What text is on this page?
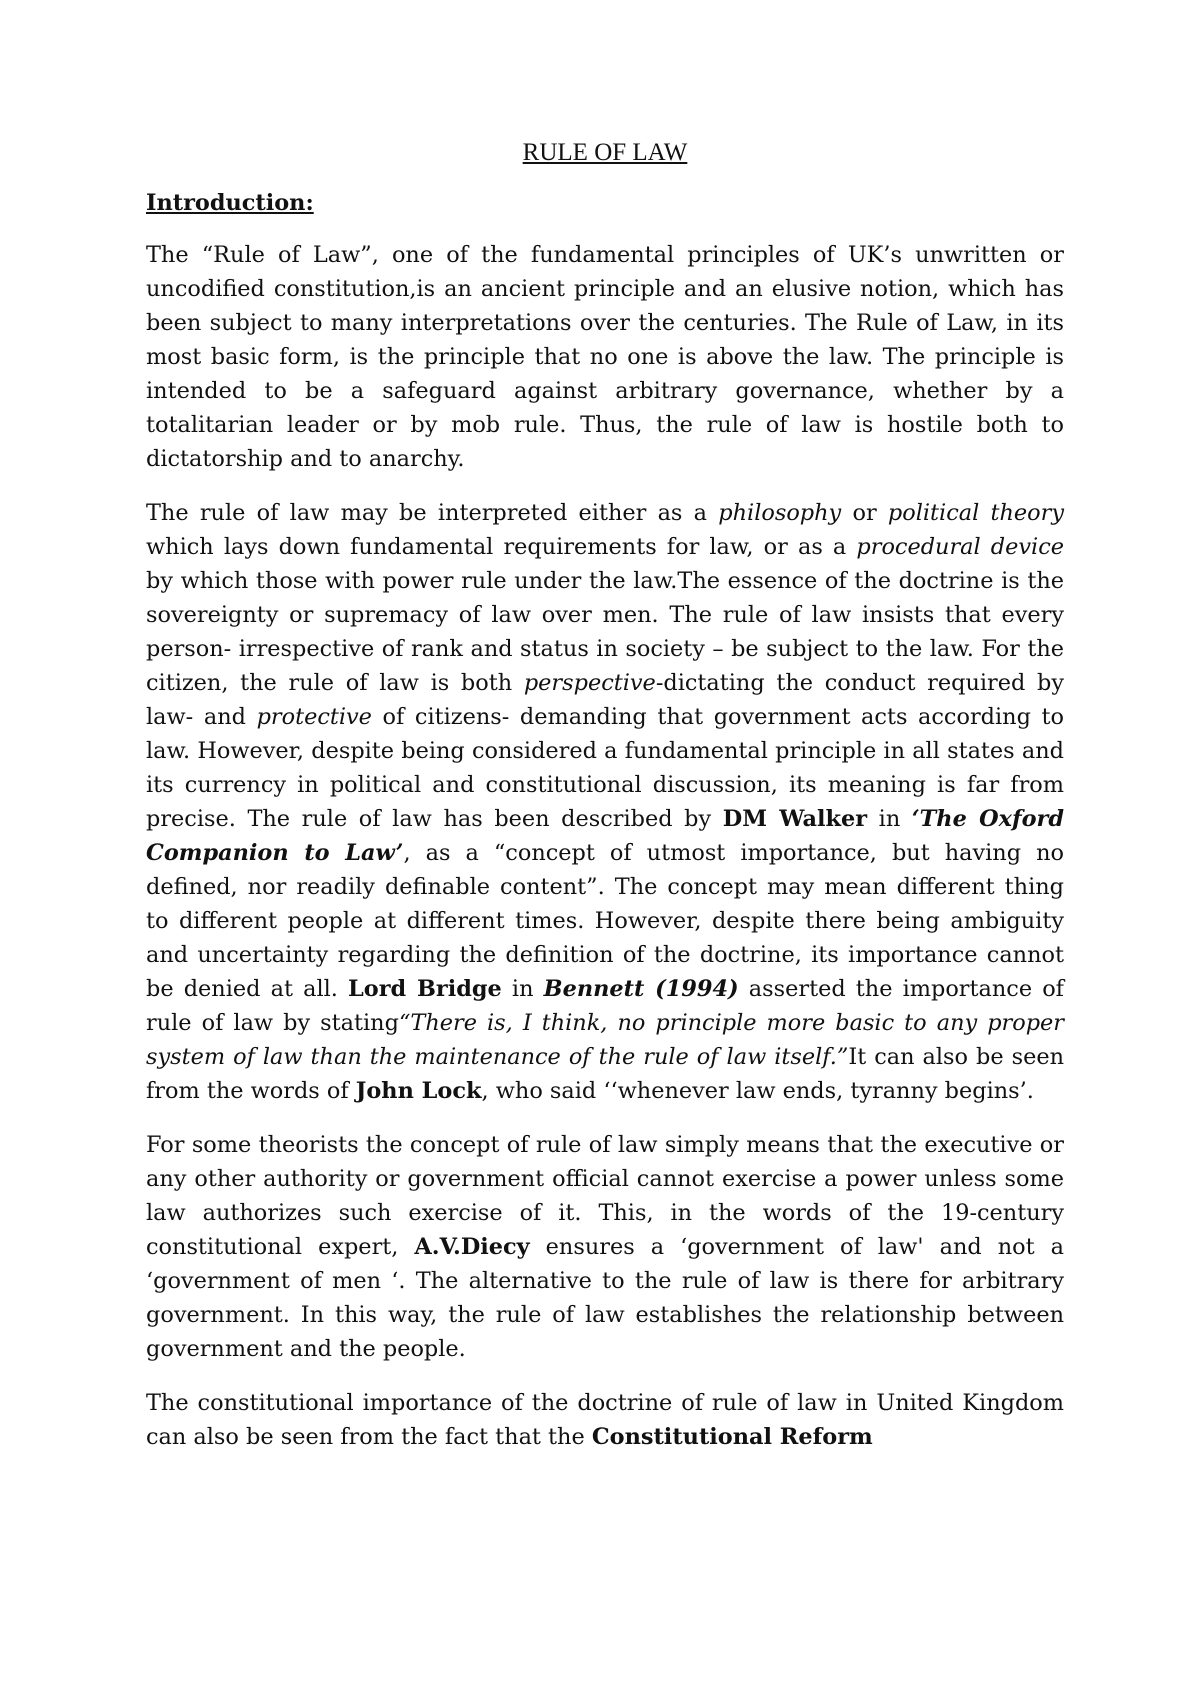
RULE OF LAW
Introduction:

The “Rule of Law”, one of the fundamental principles of UK’s unwritten or uncodified constitution,is an ancient principle and an elusive notion, which has been subject to many interpretations over the centuries. The Rule of Law, in its most basic form, is the principle that no one is above the law. The principle is intended to be a safeguard against arbitrary governance, whether by a totalitarian leader or by mob rule. Thus, the rule of law is hostile both to dictatorship and to anarchy.

The rule of law may be interpreted either as a philosophy or political theory which lays down fundamental requirements for law, or as a procedural device by which those with power rule under the law.The essence of the doctrine is the sovereignty or supremacy of law over men. The rule of law insists that every person- irrespective of rank and status in society – be subject to the law. For the citizen, the rule of law is both perspective-dictating the conduct required by law- and protective of citizens- demanding that government acts according to law. However, despite being considered a fundamental principle in all states and its currency in political and constitutional discussion, its meaning is far from precise. The rule of law has been described by DM Walker in ‘The Oxford Companion to Law’, as a “concept of utmost importance, but having no defined, nor readily definable content”. The concept may mean different thing to different people at different times. However, despite there being ambiguity and uncertainty regarding the definition of the doctrine, its importance cannot be denied at all. Lord Bridge in Bennett (1994) asserted the importance of rule of law by stating“There is, I think, no principle more basic to any proper system of law than the maintenance of the rule of law itself.”It can also be seen from the words of John Lock, who said ‘‘whenever law ends, tyranny begins’.

For some theorists the concept of rule of law simply means that the executive or any other authority or government official cannot exercise a power unless some law authorizes such exercise of it. This, in the words of the 19-century constitutional expert, A.V.Diecy ensures a ‘government of law' and not a ‘government of men ‘. The alternative to the rule of law is there for arbitrary government. In this way, the rule of law establishes the relationship between government and the people.

The constitutional importance of the doctrine of rule of law in United Kingdom can also be seen from the fact that the Constitutional Reform
